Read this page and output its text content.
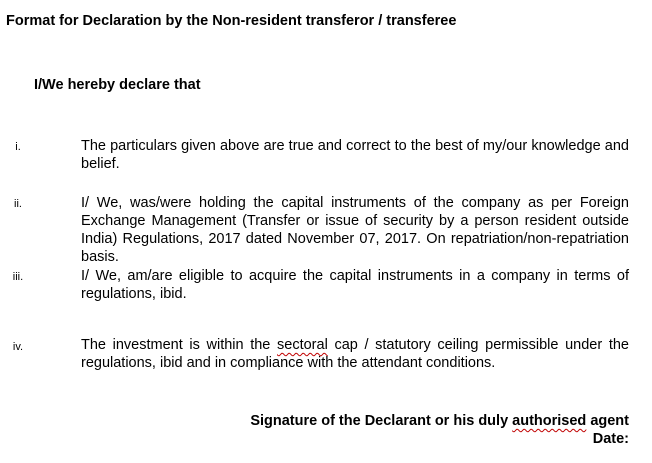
Format for Declaration by the Non-resident transferor / transferee
I/We hereby declare that
i.	The particulars given above are true and correct to the best of my/our knowledge and belief.
ii.	I/ We, was/were holding the capital instruments of the company as per Foreign Exchange Management (Transfer or issue of security by a person resident outside India) Regulations, 2017 dated November 07, 2017. On repatriation/non-repatriation basis.
iii.	I/ We, am/are eligible to acquire the capital instruments in a company in terms of regulations, ibid.
iv.	The investment is within the sectoral cap / statutory ceiling permissible under the regulations, ibid and in compliance with the attendant conditions.
Signature of the Declarant or his duly authorised agent
Date:
